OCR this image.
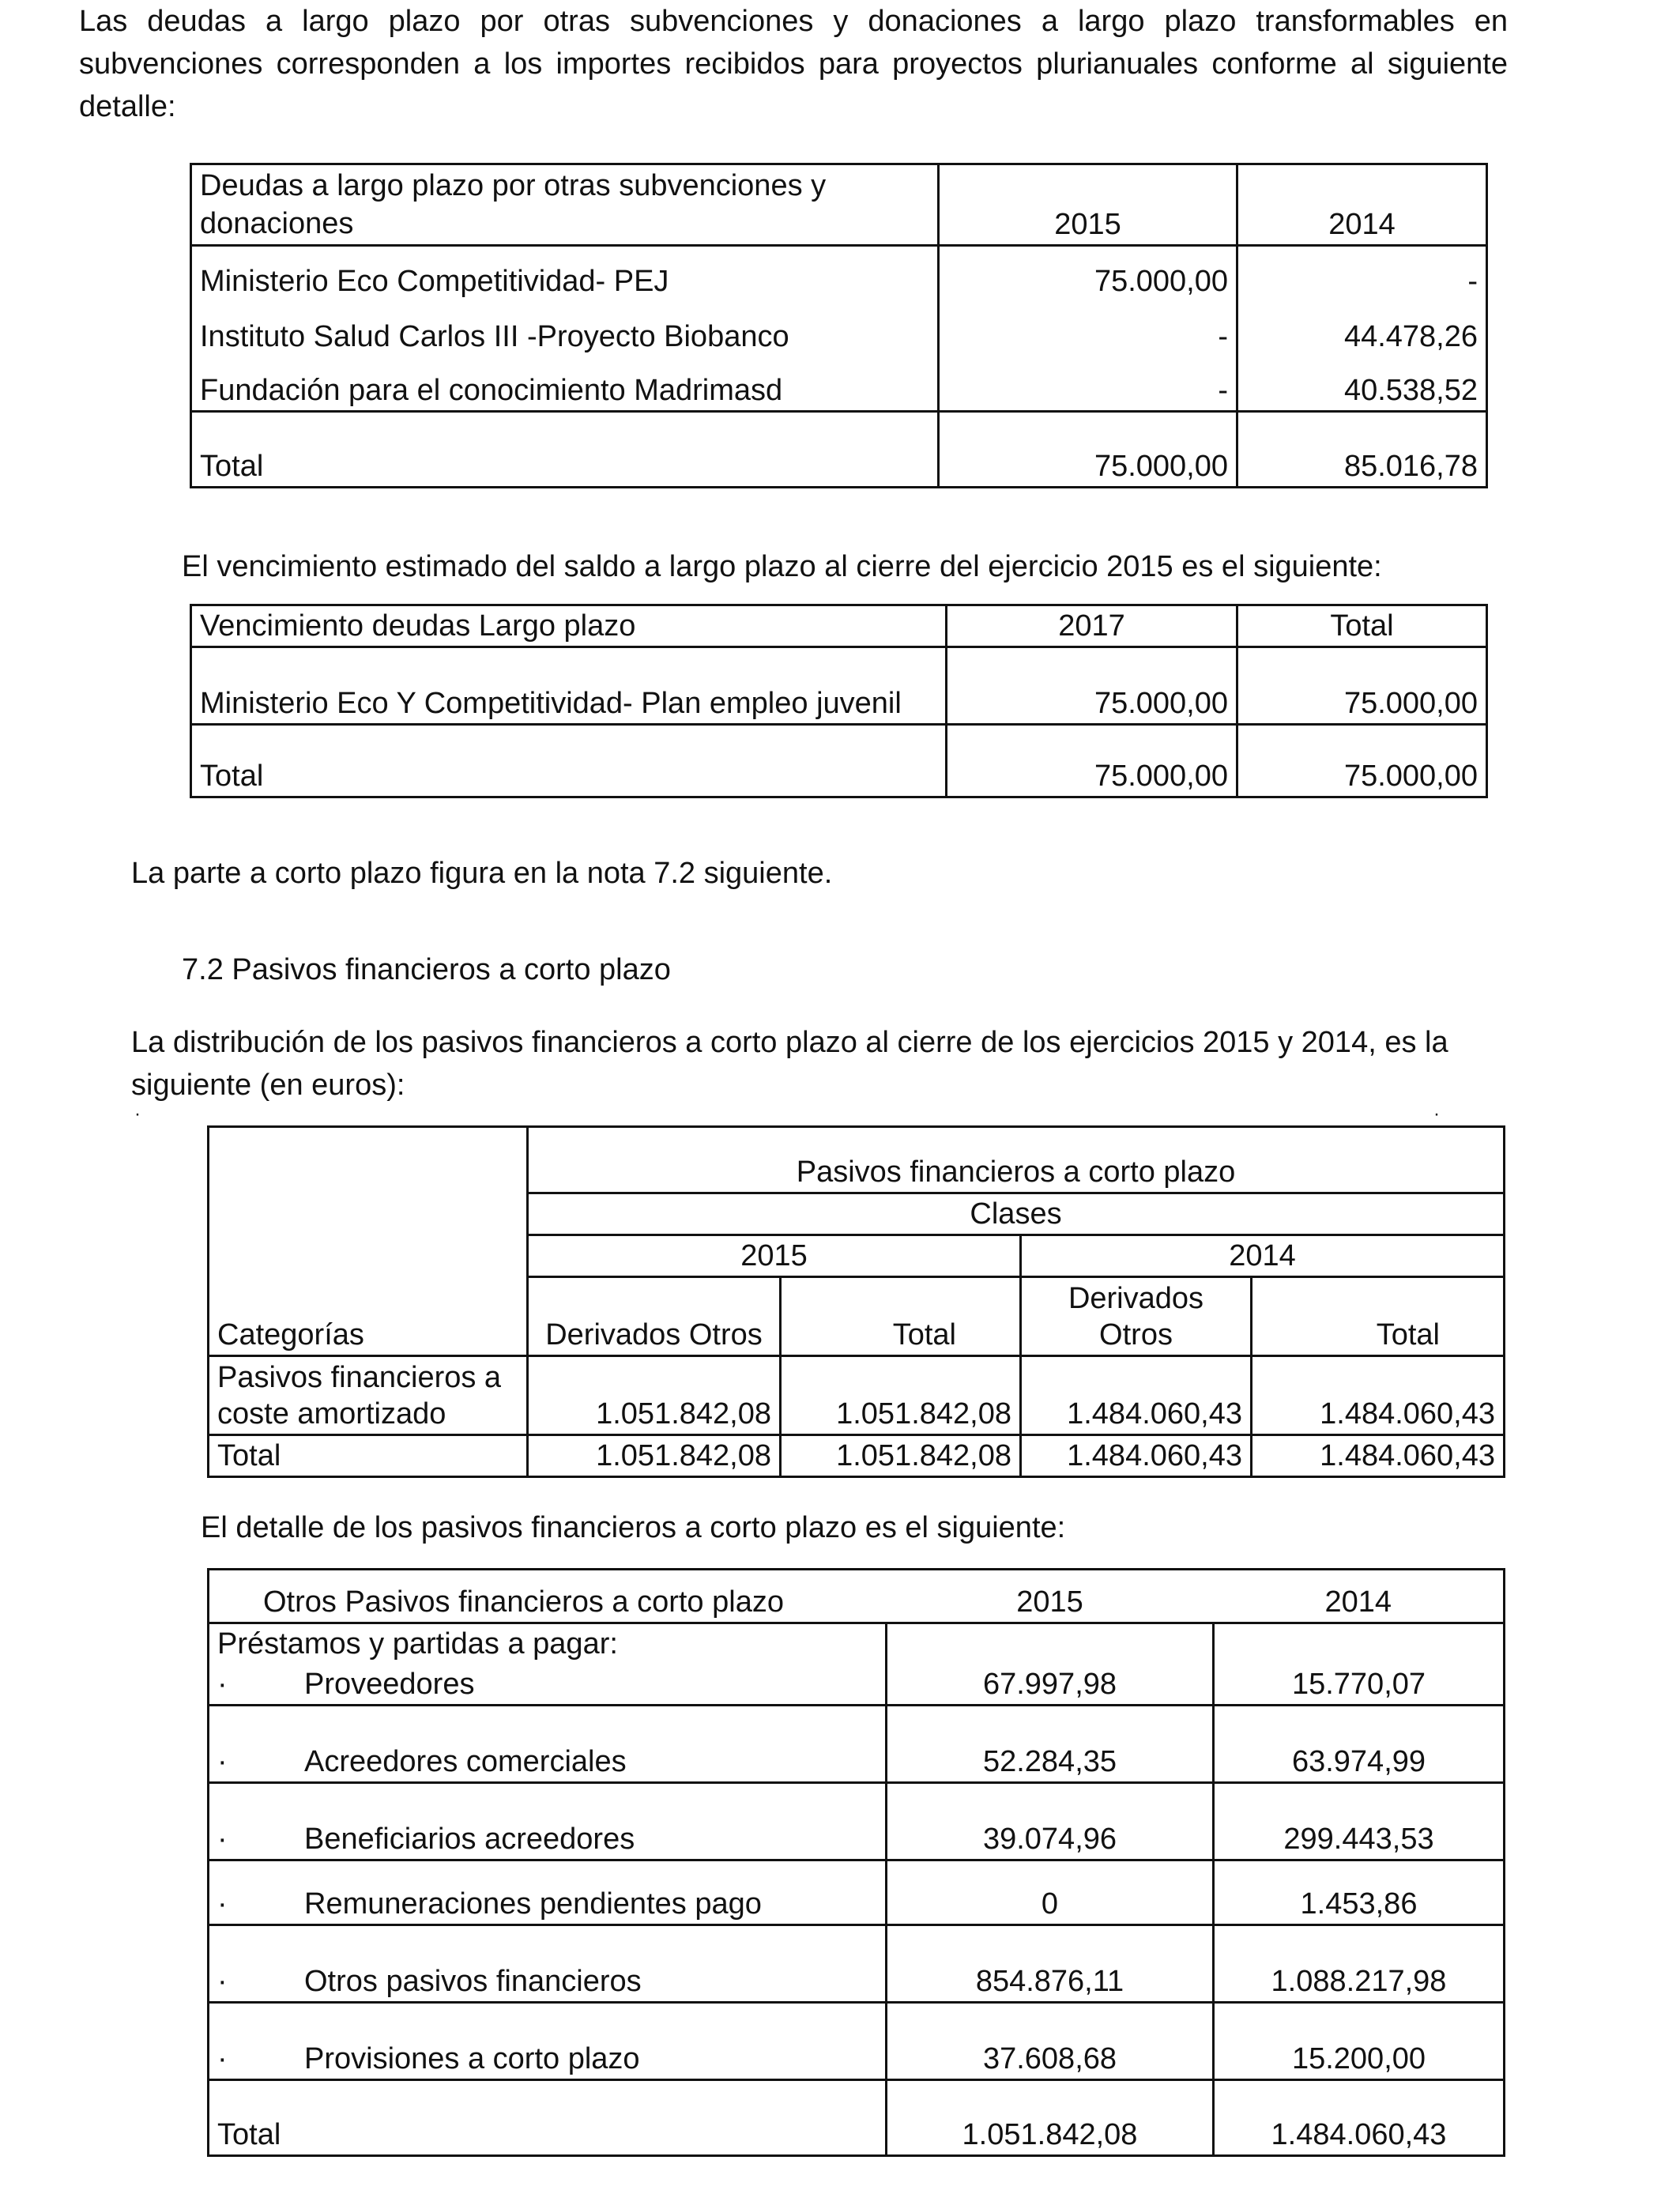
Las deudas a largo plazo por otras subvenciones y donaciones a largo plazo transformables en subvenciones corresponden a los importes recibidos para proyectos plurianuales conforme al siguiente detalle:
Deudas a largo plazo por otras subvenciones y donaciones	2015	2014
Ministerio Eco Competitividad- PEJ	75.000,00	-
Instituto Salud Carlos III -Proyecto Biobanco	-	44.478,26
Fundación para el conocimiento Madrimasd	-	40.538,52
Total	75.000,00	85.016,78
El vencimiento estimado del saldo a largo plazo al cierre del ejercicio 2015 es el siguiente:
Vencimiento deudas Largo plazo	2017	Total
Ministerio Eco Y Competitividad- Plan empleo juvenil	75.000,00	75.000,00
Total	75.000,00	75.000,00
La parte a corto plazo figura en la nota 7.2 siguiente.
7.2 Pasivos financieros a corto plazo
La distribución de los pasivos financieros a corto plazo al cierre de los ejercicios 2015 y 2014, es la siguiente (en euros):
·	·
	Pasivos financieros a corto plazo			
	Clases			
	2015		2014	
Categorías	Derivados Otros	Total	Derivados Otros	Total
Pasivos financieros a coste amortizado	1.051.842,08	1.051.842,08	1.484.060,43	1.484.060,43
Total	1.051.842,08	1.051.842,08	1.484.060,43	1.484.060,43
El detalle de los pasivos financieros a corto plazo es el siguiente:
Otros Pasivos financieros a corto plazo	2015	2014
Préstamos y partidas a pagar:		
· Proveedores	67.997,98	15.770,07
· Acreedores comerciales	52.284,35	63.974,99
· Beneficiarios acreedores	39.074,96	299.443,53
· Remuneraciones pendientes pago	0	1.453,86
· Otros pasivos financieros	854.876,11	1.088.217,98
· Provisiones a corto plazo	37.608,68	15.200,00
Total	1.051.842,08	1.484.060,43
